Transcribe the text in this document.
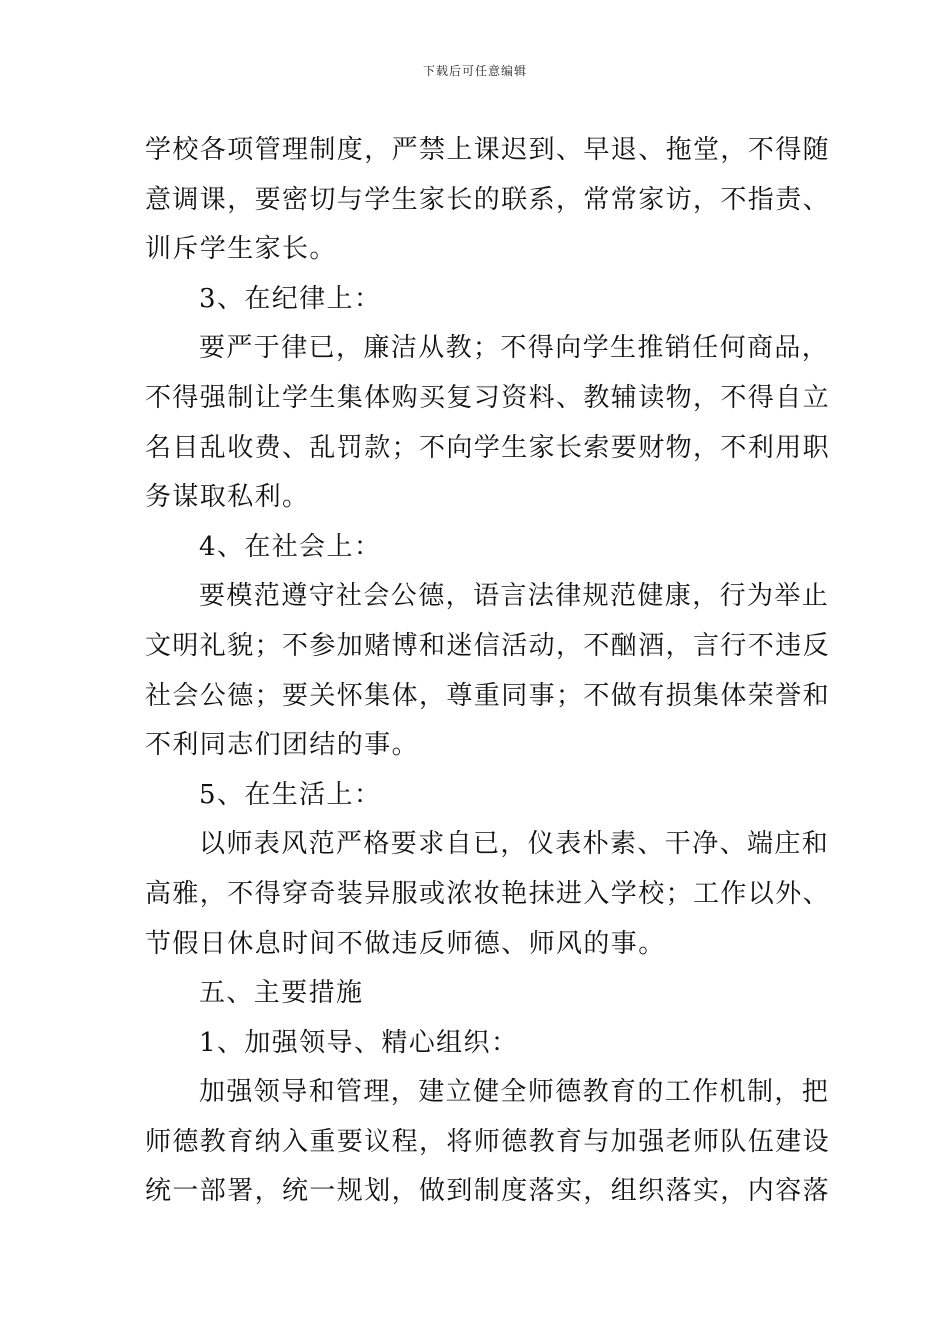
下载后可任意编辑
学校各项管理制度，严禁上课迟到、早退、拖堂，不得随
意调课，要密切与学生家长的联系，常常家访，不指责、
训斥学生家长。
3、在纪律上：
要严于律已，廉洁从教；不得向学生推销任何商品，
不得强制让学生集体购买复习资料、教辅读物，不得自立
名目乱收费、乱罚款；不向学生家长索要财物，不利用职
务谋取私利。
4、在社会上：
要模范遵守社会公德，语言法律规范健康，行为举止
文明礼貌；不参加赌博和迷信活动，不酗酒，言行不违反
社会公德；要关怀集体，尊重同事；不做有损集体荣誉和
不利同志们团结的事。
5、在生活上：
以师表风范严格要求自已，仪表朴素、干净、端庄和
高雅，不得穿奇装异服或浓妆艳抹进入学校；工作以外、
节假日休息时间不做违反师德、师风的事。
五、主要措施
1、加强领导、精心组织：
加强领导和管理，建立健全师德教育的工作机制，把
师德教育纳入重要议程，将师德教育与加强老师队伍建设
统一部署，统一规划，做到制度落实，组织落实，内容落
